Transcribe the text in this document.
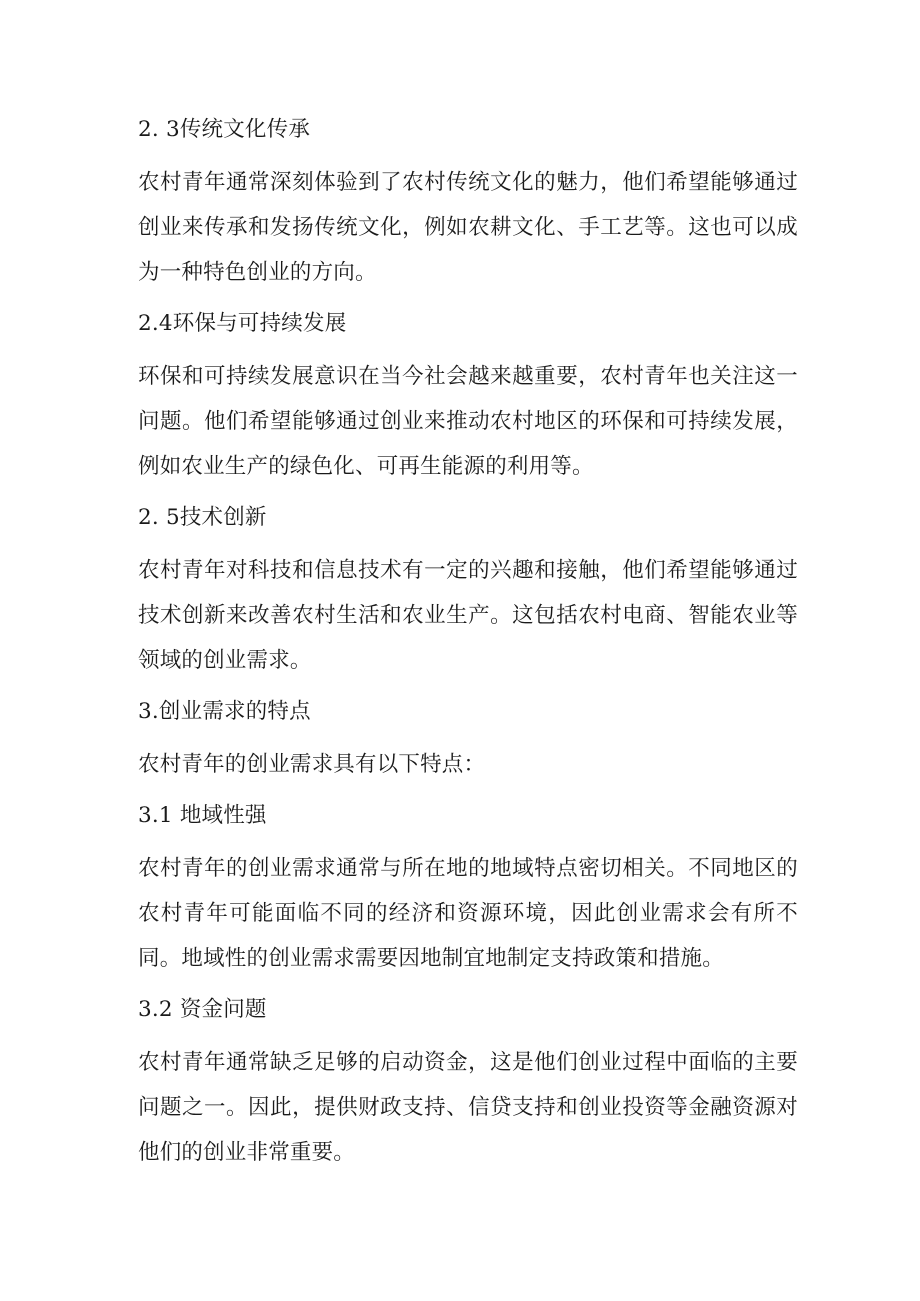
2. 3传统文化传承

农村青年通常深刻体验到了农村传统文化的魅力，他们希望能够通过创业来传承和发扬传统文化，例如农耕文化、手工艺等。这也可以成为一种特色创业的方向。

2.4环保与可持续发展

环保和可持续发展意识在当今社会越来越重要，农村青年也关注这一问题。他们希望能够通过创业来推动农村地区的环保和可持续发展，例如农业生产的绿色化、可再生能源的利用等。

2. 5技术创新

农村青年对科技和信息技术有一定的兴趣和接触，他们希望能够通过技术创新来改善农村生活和农业生产。这包括农村电商、智能农业等领域的创业需求。

3.创业需求的特点

农村青年的创业需求具有以下特点：

3.1 地域性强

农村青年的创业需求通常与所在地的地域特点密切相关。不同地区的农村青年可能面临不同的经济和资源环境，因此创业需求会有所不同。地域性的创业需求需要因地制宜地制定支持政策和措施。

3.2 资金问题

农村青年通常缺乏足够的启动资金，这是他们创业过程中面临的主要问题之一。因此，提供财政支持、信贷支持和创业投资等金融资源对他们的创业非常重要。
